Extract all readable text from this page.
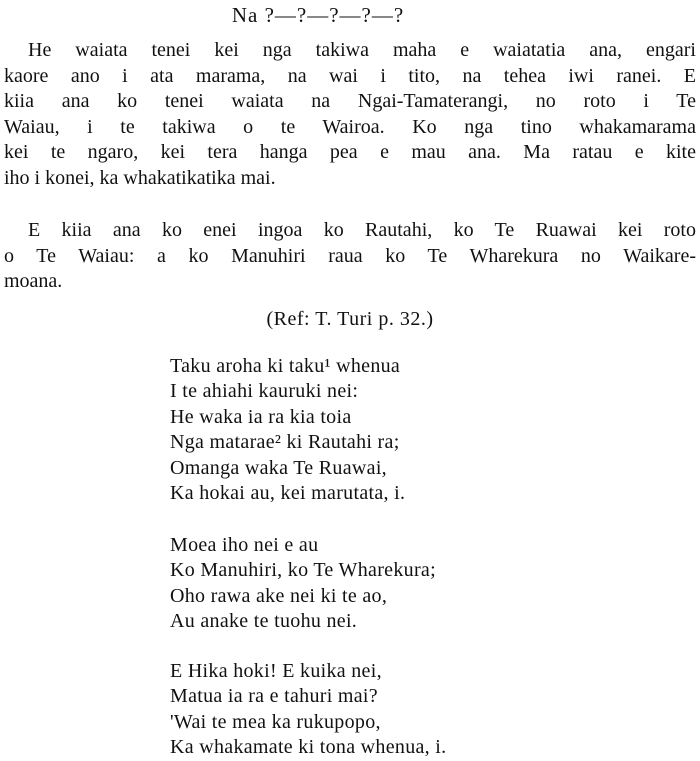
Na ?—?—?—?—?
He waiata tenei kei nga takiwa maha e waiatatia ana, engari
kaore ano i ata marama, na wai i tito, na tehea iwi ranei. E
kiia ana ko tenei waiata na Ngai-Tamaterangi, no roto i Te
Waiau, i te takiwa o te Wairoa. Ko nga tino whakamarama
kei te ngaro, kei tera hanga pea e mau ana. Ma ratau e kite
iho i konei, ka whakatikatika mai.
E kiia ana ko enei ingoa ko Rautahi, ko Te Ruawai kei roto
o Te Waiau: a ko Manuhiri raua ko Te Wharekura no Waikare-
moana.
(Ref: T. Turi p. 32.)
Taku aroha ki taku¹ whenua
I te ahiahi kauruki nei:
He waka ia ra kia toia
Nga matarae² ki Rautahi ra;
Omanga waka Te Ruawai,
Ka hokai au, kei marutata, i.
Moea iho nei e au
Ko Manuhiri, ko Te Wharekura;
Oho rawa ake nei ki te ao,
Au anake te tuohu nei.
E Hika hoki! E kuika nei,
Matua ia ra e tahuri mai?
'Wai te mea ka rukupopo,
Ka whakamate ki tona whenua, i.
